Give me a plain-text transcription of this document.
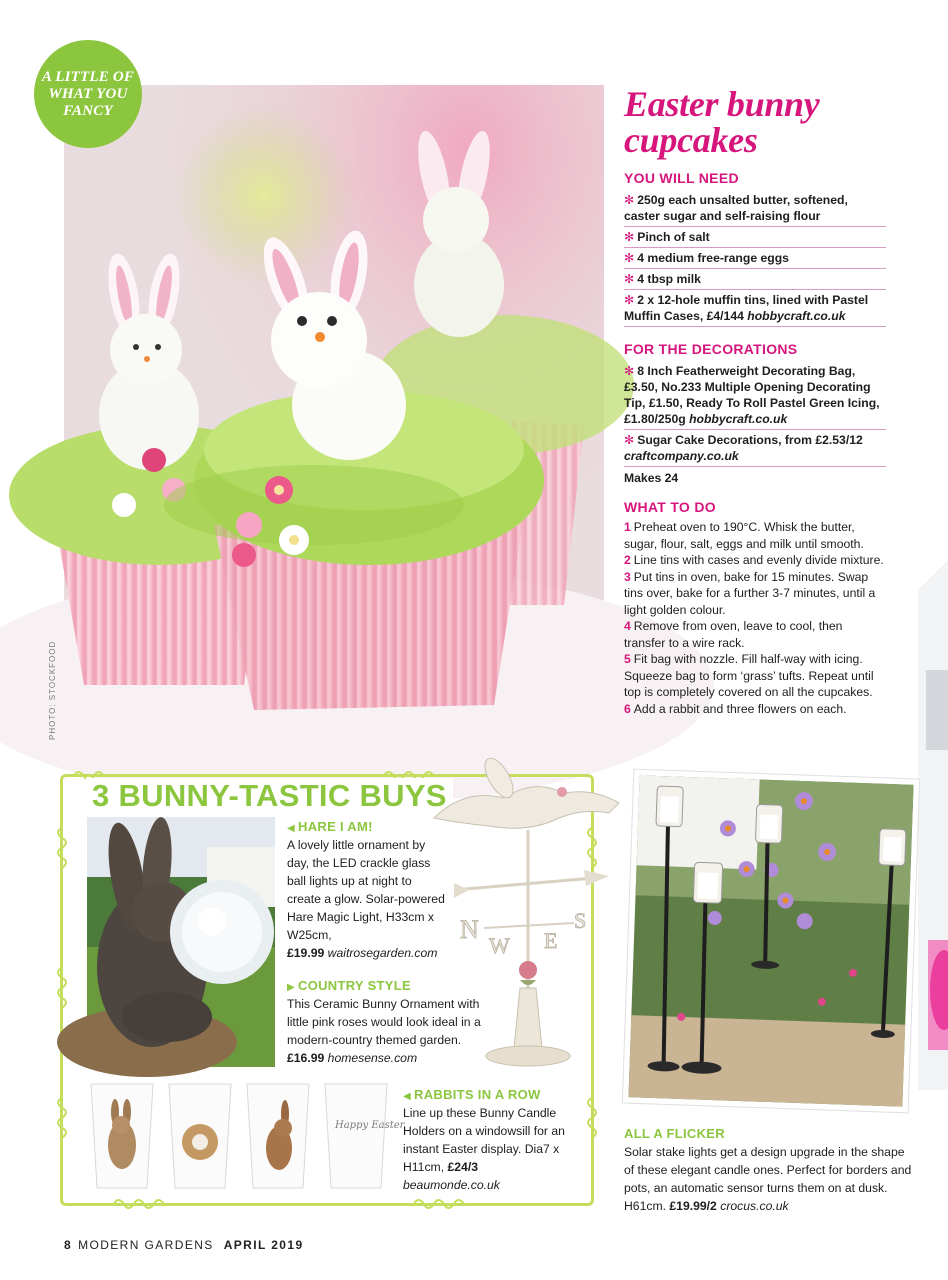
A LITTLE OF WHAT YOU FANCY
PHOTO: STOCKFOOD
Easter bunny cupcakes
YOU WILL NEED
✻ 250g each unsalted butter, softened, caster sugar and self-raising flour
✻ Pinch of salt
✻ 4 medium free-range eggs
✻ 4 tbsp milk
✻ 2 x 12-hole muffin tins, lined with Pastel Muffin Cases, £4/144 hobbycraft.co.uk
FOR THE DECORATIONS
✻ 8 Inch Featherweight Decorating Bag, £3.50, No.233 Multiple Opening Decorating Tip, £1.50, Ready To Roll Pastel Green Icing, £1.80/250g hobbycraft.co.uk
✻ Sugar Cake Decorations, from £2.53/12 craftcompany.co.uk
Makes 24
WHAT TO DO

1 Preheat oven to 190°C. Whisk the butter, sugar, flour, salt, eggs and milk until smooth.

2 Line tins with cases and evenly divide mixture.

3 Put tins in oven, bake for 15 minutes. Swap tins over, bake for a further 3-7 minutes, until a light golden colour.

4 Remove from oven, leave to cool, then transfer to a wire rack.

5 Fit bag with nozzle. Fill half-way with icing. Squeeze bag to form ‘grass’ tufts. Repeat until top is completely covered on all the cupcakes.

6 Add a rabbit and three flowers on each.

3 BUNNY-TASTIC BUYS
N
W
S
E
Happy Easter
◀ HARE I AM!

A lovely little ornament by day, the LED crackle glass ball lights up at night to create a glow. Solar-powered Hare Magic Light, H33cm x W25cm,
£19.99 waitrosegarden.com

▶ COUNTRY STYLE

This Ceramic Bunny Ornament with little pink roses would look ideal in a modern-country themed garden. £16.99 homesense.com

◀ RABBITS IN A ROW

Line up these Bunny Candle Holders on a windowsill for an instant Easter display. Dia7 x H11cm, £24/3 beaumonde.co.uk

ALL A FLICKER

Solar stake lights get a design upgrade in the shape of these elegant candle ones. Perfect for borders and pots, an automatic sensor turns them on at dusk. H61cm. £19.99/2 crocus.co.uk

8 MODERN GARDENS APRIL 2019
